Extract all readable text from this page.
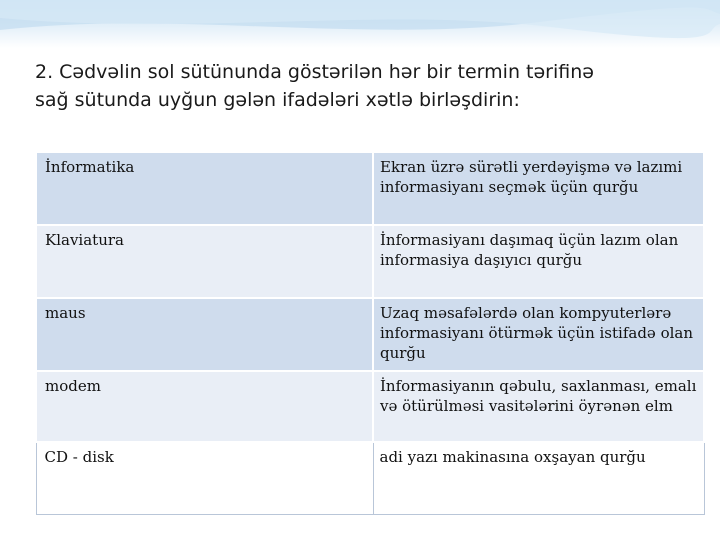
2. Cədvəlin sol sütünunda göstərilən hər bir termin tərifinə
sağ sütunda uyğun gələn ifadələri xətlə birləşdirin:
İnformatika	Ekran üzrə sürətli yerdəyişmə və lazımi informasiyanı seçmək üçün qurğu
Klaviatura	İnformasiyanı daşımaq üçün lazım olan informasiya daşıyıcı qurğu
maus	Uzaq məsafələrdə olan kompyuterlərə informasiyanı ötürmək üçün istifadə olan qurğu
modem	İnformasiyanın qəbulu, saxlanması, emalı və ötürülməsi vasitələrini öyrənən elm
CD - disk	adi yazı makinasına oxşayan qurğu
